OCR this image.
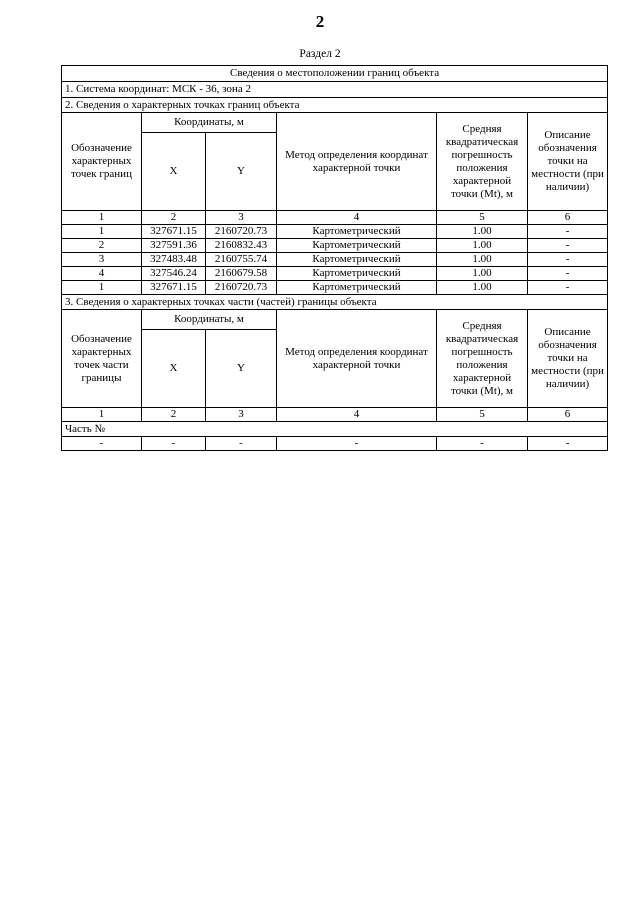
2
Раздел 2
Сведения о местоположении границ объекта					
1. Система координат: МСК - 36, зона 2					
2. Сведения о характерных точках границ объекта					
Обозначение характерных точек границ	Координаты, м		Метод определения координат характерной точки	Средняя квадратическая погрешность положения характерной точки (Mt), м	Описание обозначения точки на местности (при наличии)
	X	Y			
1	2	3	4	5	6
1	327671.15	2160720.73	Картометрический	1.00	-
2	327591.36	2160832.43	Картометрический	1.00	-
3	327483.48	2160755.74	Картометрический	1.00	-
4	327546.24	2160679.58	Картометрический	1.00	-
1	327671.15	2160720.73	Картометрический	1.00	-
3. Сведения о характерных точках части (частей) границы объекта					
Обозначение характерных точек части границы	Координаты, м		Метод определения координат характерной точки	Средняя квадратическая погрешность положения характерной точки (Mt), м	Описание обозначения точки на местности (при наличии)
	X	Y			
1	2	3	4	5	6
Часть №					
-	-	-	-	-	-
